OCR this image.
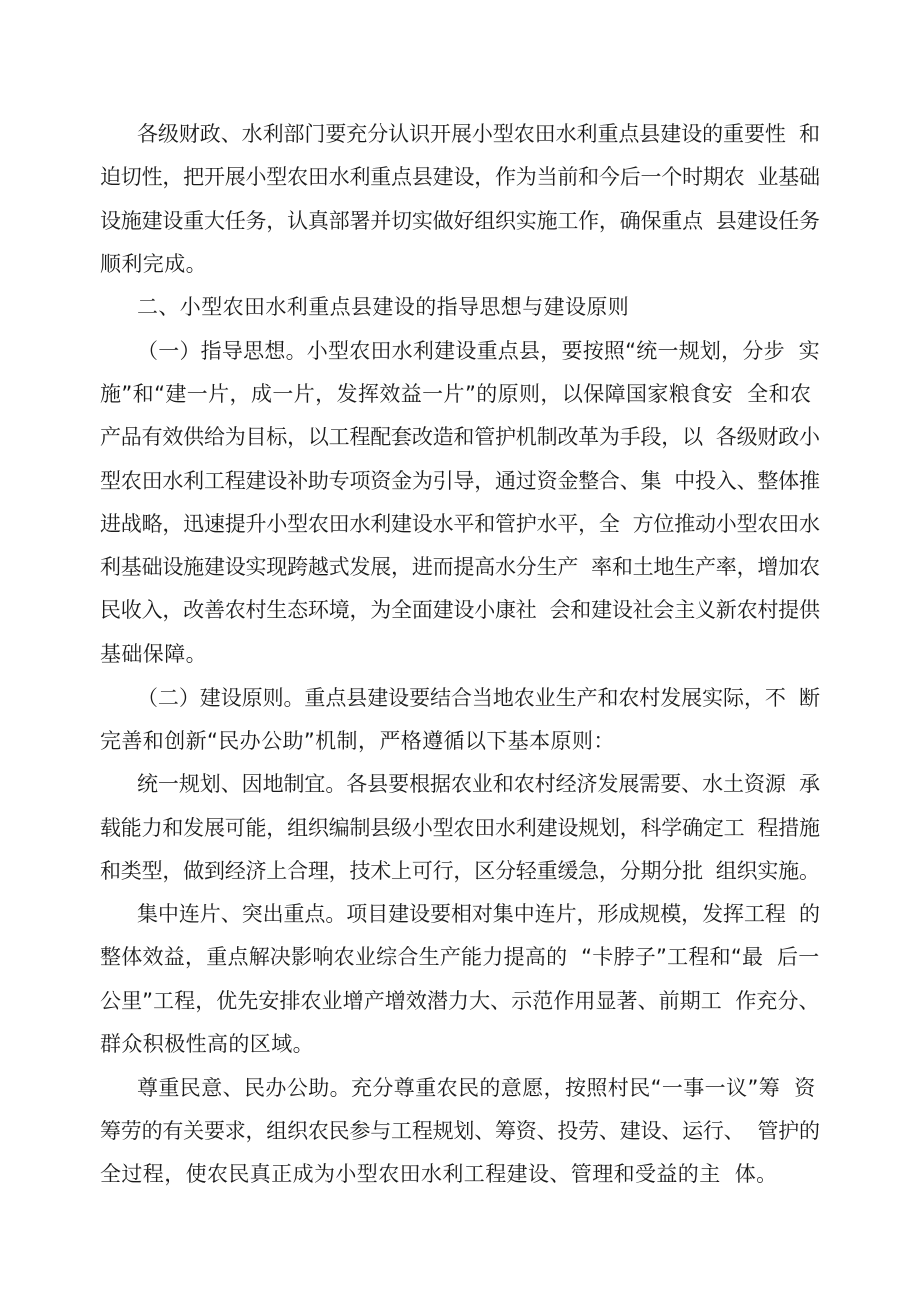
各级财政、水利部门要充分认识开展小型农田水利重点县建设的重要性  和
迫切性，把开展小型农田水利重点县建设，作为当前和今后一个时期农  业基础
设施建设重大任务，认真部署并切实做好组织实施工作，确保重点  县建设任务
顺利完成。
二、小型农田水利重点县建设的指导思想与建设原则
（一）指导思想。小型农田水利建设重点县，要按照“统一规划，分步  实
施”和“建一片，成一片，发挥效益一片”的原则，以保障国家粮食安  全和农
产品有效供给为目标，以工程配套改造和管护机制改革为手段，以  各级财政小
型农田水利工程建设补助专项资金为引导，通过资金整合、集  中投入、整体推
进战略，迅速提升小型农田水利建设水平和管护水平，全  方位推动小型农田水
利基础设施建设实现跨越式发展，进而提高水分生产  率和土地生产率，增加农
民收入，改善农村生态环境，为全面建设小康社  会和建设社会主义新农村提供
基础保障。
（二）建设原则。重点县建设要结合当地农业生产和农村发展实际，不  断
完善和创新“民办公助”机制，严格遵循以下基本原则：
统一规划、因地制宜。各县要根据农业和农村经济发展需要、水土资源  承
载能力和发展可能，组织编制县级小型农田水利建设规划，科学确定工  程措施
和类型，做到经济上合理，技术上可行，区分轻重缓急，分期分批  组织实施。
集中连片、突出重点。项目建设要相对集中连片，形成规模，发挥工程  的
整体效益，重点解决影响农业综合生产能力提高的  “卡脖子”工程和“最  后一
公里”工程，优先安排农业增产增效潜力大、示范作用显著、前期工  作充分、
群众积极性高的区域。
尊重民意、民办公助。充分尊重农民的意愿，按照村民“一事一议”筹  资
筹劳的有关要求，组织农民参与工程规划、筹资、投劳、建设、运行、  管护的
全过程，使农民真正成为小型农田水利工程建设、管理和受益的主  体。
